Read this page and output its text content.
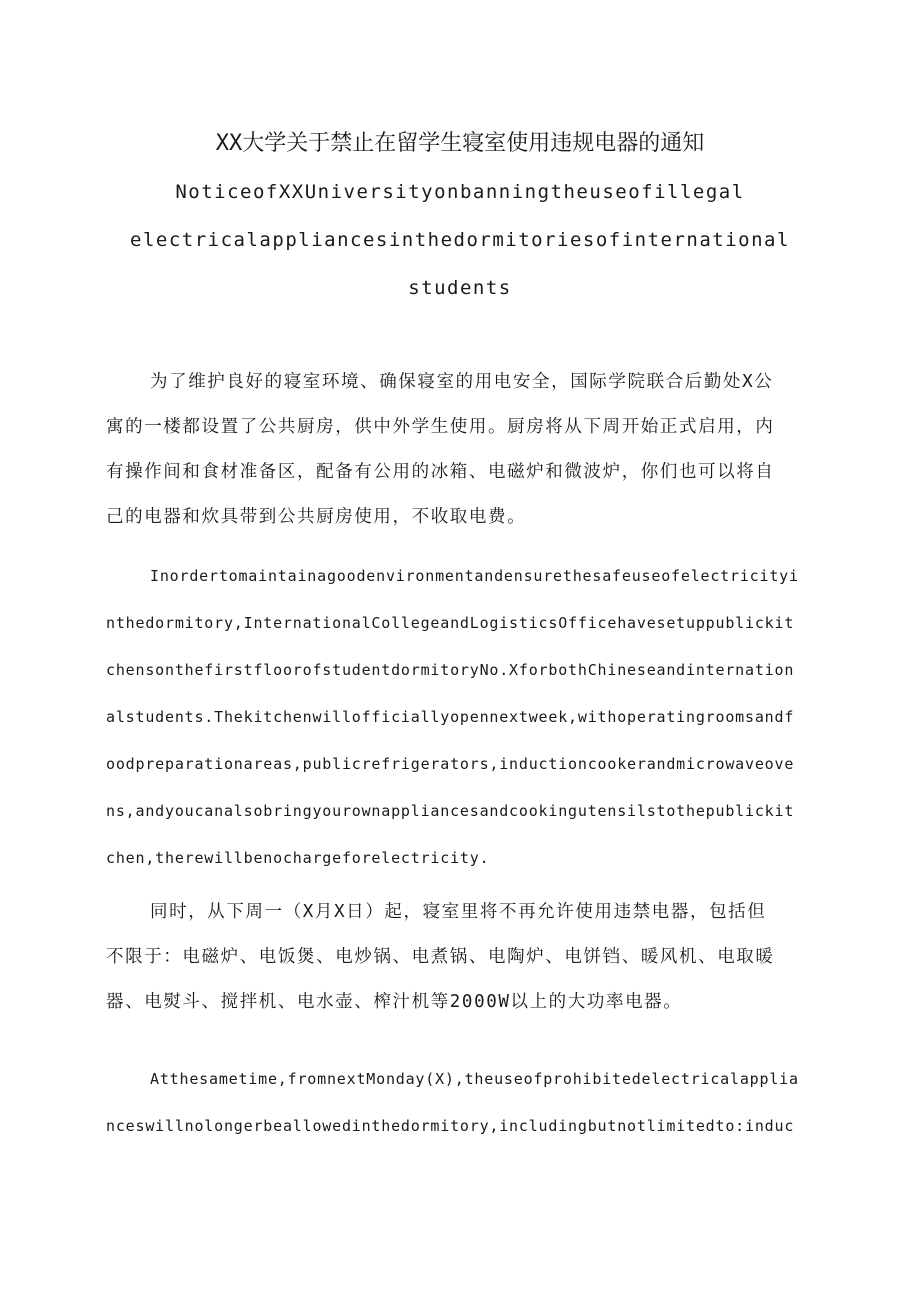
XX大学关于禁止在留学生寝室使用违规电器的通知
NoticeofXXUniversityonbanningtheuseofillegal
electricalappliancesinthedormitoriesofinternational
students
为了维护良好的寝室环境、确保寝室的用电安全，国际学院联合后勤处X公
寓的一楼都设置了公共厨房，供中外学生使用。厨房将从下周开始正式启用，内
有操作间和食材准备区，配备有公用的冰箱、电磁炉和微波炉，你们也可以将自
己的电器和炊具带到公共厨房使用，不收取电费。
Inordertomaintainagoodenvironmentandensurethesafeuseofelectricityi
nthedormitory,InternationalCollegeandLogisticsOfficehavesetuppublickit
chensonthefirstfloorofstudentdormitoryNo.XforbothChineseandinternation
alstudents.Thekitchenwillofficiallyopennextweek,withoperatingroomsandf
oodpreparationareas,publicrefrigerators,inductioncookerandmicrowaveove
ns,andyoucanalsobringyourownappliancesandcookingutensilstothepublickit
chen,therewillbenochargeforelectricity.
同时，从下周一（X月X日）起，寝室里将不再允许使用违禁电器，包括但
不限于：电磁炉、电饭煲、电炒锅、电煮锅、电陶炉、电饼铛、暖风机、电取暖
器、电熨斗、搅拌机、电水壶、榨汁机等2000W以上的大功率电器。
Atthesametime,fromnextMonday(X),theuseofprohibitedelectricalapplia
nceswillnolongerbeallowedinthedormitory,includingbutnotlimitedto:induc
